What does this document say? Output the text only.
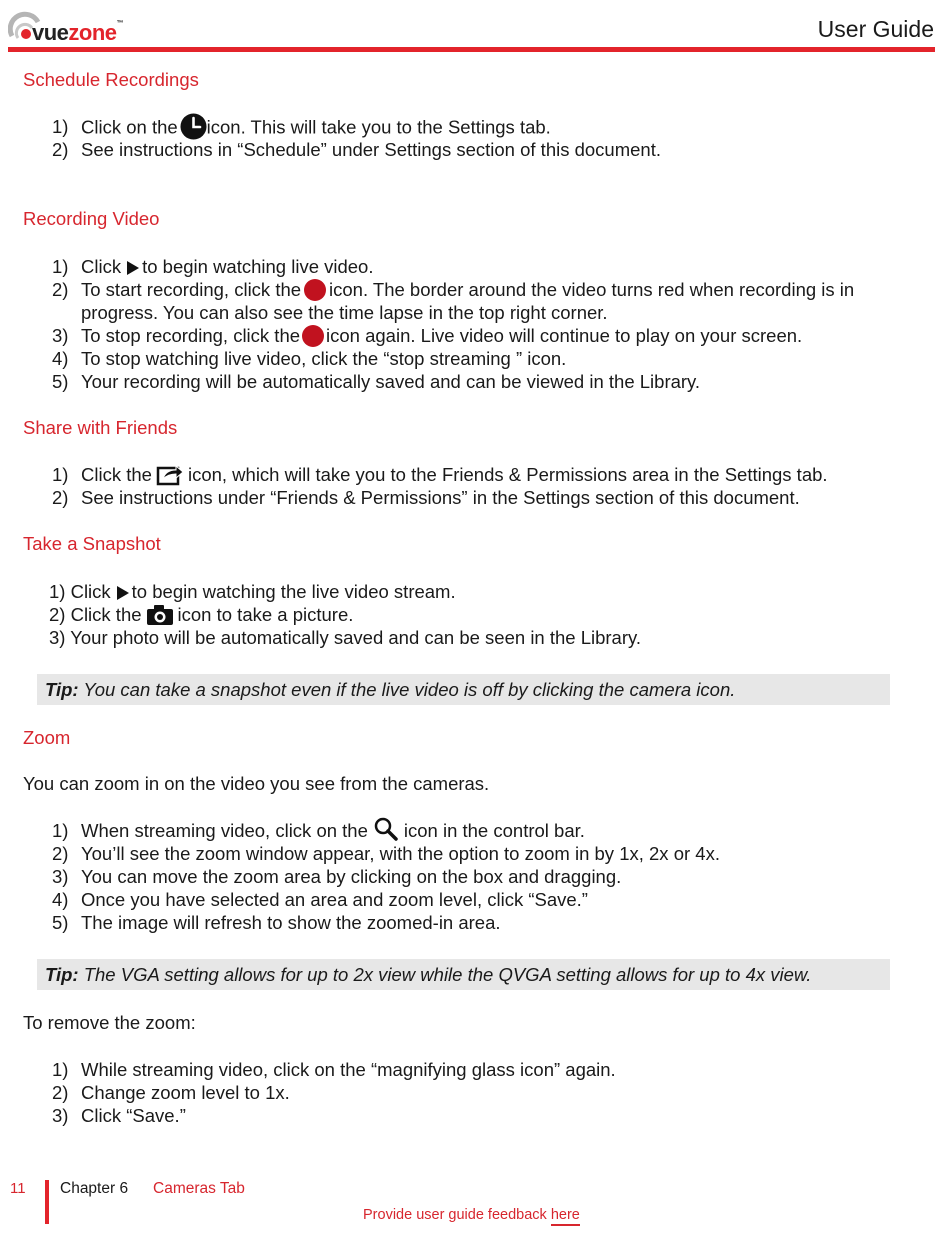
vuezone™	User Guide
Schedule Recordings
1) Click on the icon. This will take you to the Settings tab.
2) See instructions in “Schedule” under Settings section of this document.
Recording Video
1) Click to begin watching live video.
2) To start recording, click the icon. The border around the video turns red when recording is in
progress. You can also see the time lapse in the top right corner.
3) To stop recording, click the icon again. Live video will continue to play on your screen.
4) To stop watching live video, click the “stop streaming ” icon.
5) Your recording will be automatically saved and can be viewed in the Library.
Share with Friends
1) Click the icon, which will take you to the Friends & Permissions area in the Settings tab.
2) See instructions under “Friends & Permissions” in the Settings section of this document.
Take a Snapshot
1) Click to begin watching the live video stream.
2) Click the icon to take a picture.
3) Your photo will be automatically saved and can be seen in the Library.
Tip: You can take a snapshot even if the live video is off by clicking the camera icon.
Zoom
You can zoom in on the video you see from the cameras.
1) When streaming video, click on the icon in the control bar.
2) You’ll see the zoom window appear, with the option to zoom in by 1x, 2x or 4x.
3) You can move the zoom area by clicking on the box and dragging.
4) Once you have selected an area and zoom level, click “Save.”
5) The image will refresh to show the zoomed-in area.
Tip: The VGA setting allows for up to 2x view while the QVGA setting allows for up to 4x view.
To remove the zoom:
1) While streaming video, click on the “magnifying glass icon” again.
2) Change zoom level to 1x.
3) Click “Save.”
11 Chapter 6 Cameras Tab
Provide user guide feedback here
